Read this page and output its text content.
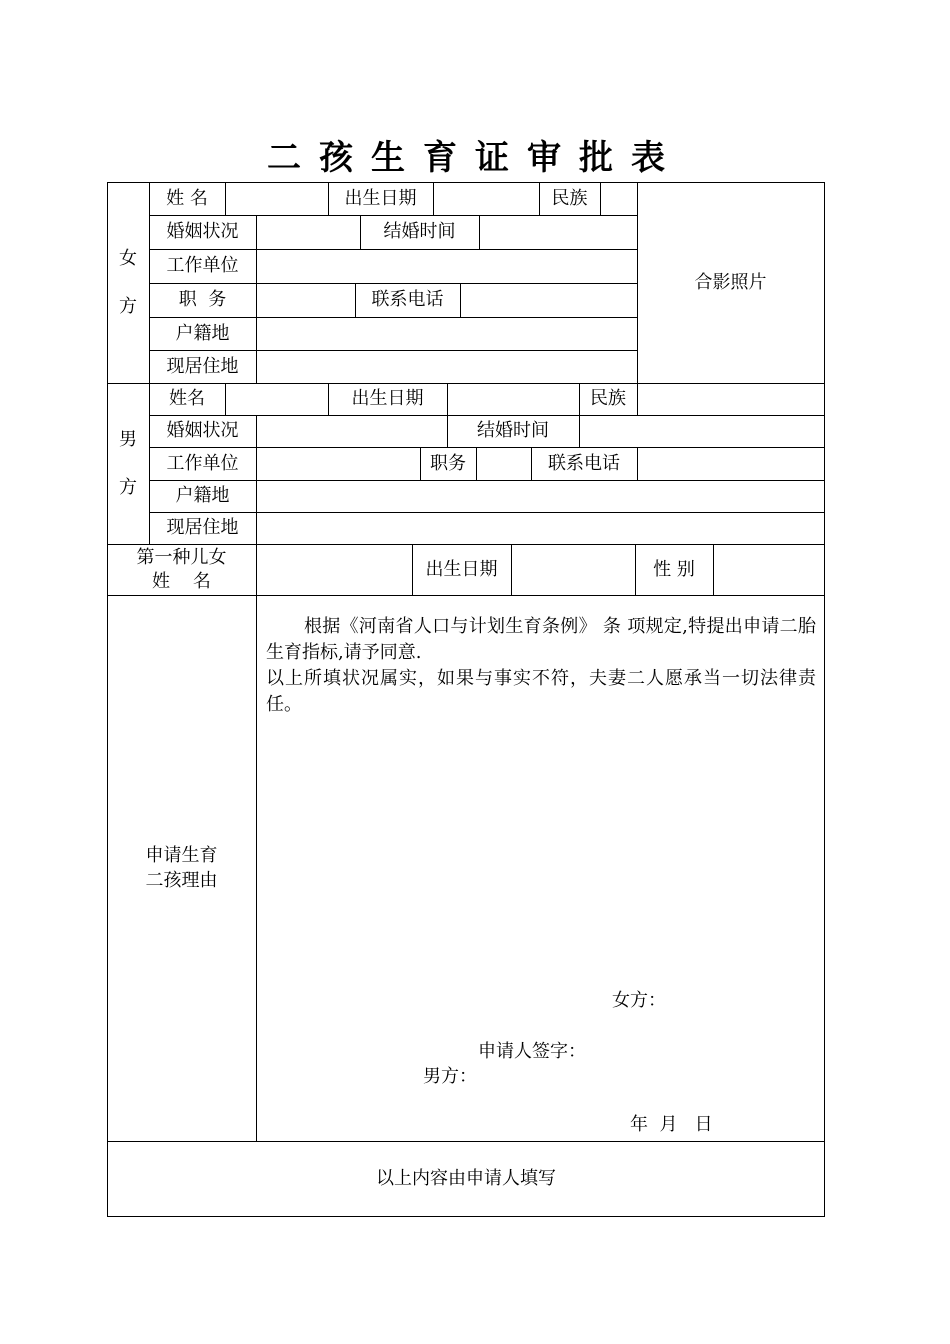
二孩生育证审批表
女

方
姓 名	出生日期	民族
婚姻状况	结婚时间
工作单位
职  务	联系电话
户籍地
现居住地
合影照片
男

方
姓名	出生日期	民族
婚姻状况	结婚时间
工作单位	职务	联系电话
户籍地
现居住地
第一种儿女
姓    名
出生日期	性 别
申请生育
二孩理由

根据《河南省人口与计划生育条例》 条 项规定,特提出申请二胎生育指标,请予同意.

以上所填状况属实，如果与事实不符，夫妻二人愿承当一切法律责任。

女方：
申请人签字：
男方：
年  月   日
以上内容由申请人填写
